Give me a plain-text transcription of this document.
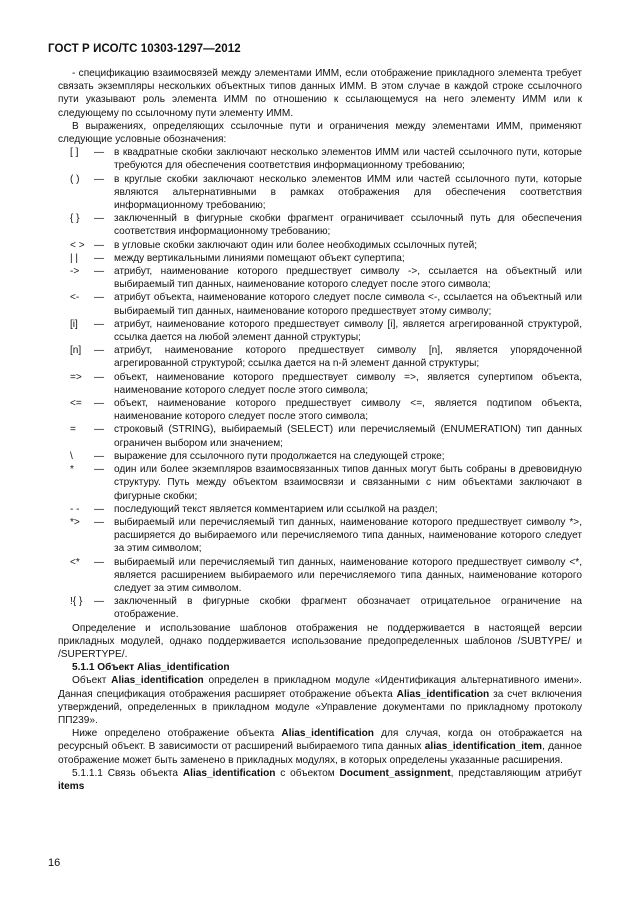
ГОСТ Р ИСО/ТС 10303-1297—2012

- спецификацию взаимосвязей между элементами ИММ, если отображение прикладного элемента требует связать экземпляры нескольких объектных типов данных ИММ. В этом случае в каждой строке ссылочного пути указывают роль элемента ИММ по отношению к ссылающемуся на него элементу ИММ или к следующему по ссылочному пути элементу ИММ.

В выражениях, определяющих ссылочные пути и ограничения между элементами ИММ, применяют следующие условные обозначения:

[ ]	— в квадратные скобки заключают несколько элементов ИММ или частей ссылочного пути, которые требуются для обеспечения соответствия информационному требованию;
( )	— в круглые скобки заключают несколько элементов ИММ или частей ссылочного пути, которые являются альтернативными в рамках отображения для обеспечения соответствия информационному требованию;
{ }	— заключенный в фигурные скобки фрагмент ограничивает ссылочный путь для обеспечения соответствия информационному требованию;
< > — в угловые скобки заключают один или более необходимых ссылочных путей;
| |	— между вертикальными линиями помещают объект супертипа;
->	— атрибут, наименование которого предшествует символу ->, ссылается на объектный или выбираемый тип данных, наименование которого следует после этого символа;
<-	— атрибут объекта, наименование которого следует после символа <-, ссылается на объектный или выбираемый тип данных, наименование которого предшествует этому символу;
[i]	— атрибут, наименование которого предшествует символу [i], является агрегированной структурой, ссылка дается на любой элемент данной структуры;
[n]	— атрибут, наименование которого предшествует символу [n], является упорядоченной агрегированной структурой; ссылка дается на n-й элемент данной структуры;
=>	— объект, наименование которого предшествует символу =>, является супертипом объекта, наименование которого следует после этого символа;
<=	— объект, наименование которого предшествует символу <=, является подтипом объекта, наименование которого следует после этого символа;
=	— строковый (STRING), выбираемый (SELECT) или перечисляемый (ENUMERATION) тип данных ограничен выбором или значением;
\	— выражение для ссылочного пути продолжается на следующей строке;
*	— один или более экземпляров взаимосвязанных типов данных могут быть собраны в древовидную структуру. Путь между объектом взаимосвязи и связанными с ним объектами заключают в фигурные скобки;
- -	— последующий текст является комментарием или ссылкой на раздел;
*>	— выбираемый или перечисляемый тип данных, наименование которого предшествует символу *>, расширяется до выбираемого или перечисляемого типа данных, наименование которого следует за этим символом;
<*	— выбираемый или перечисляемый тип данных, наименование которого предшествует символу <*, является расширением выбираемого или перечисляемого типа данных, наименование которого следует за этим символом.
!{ }	— заключенный в фигурные скобки фрагмент обозначает отрицательное ограничение на отображение.

Определение и использование шаблонов отображения не поддерживается в настоящей версии прикладных модулей, однако поддерживается использование предопределенных шаблонов /SUBTYPE/ и /SUPERTYPE/.

5.1.1 Объект Alias_identification

Объект Alias_identification определен в прикладном модуле «Идентификация альтернативного имени». Данная спецификация отображения расширяет отображение объекта Alias_identification за счет включения утверждений, определенных в прикладном модуле «Управление документами по прикладному протоколу ПП239».

Ниже определено отображение объекта Alias_identification для случая, когда он отображается на ресурсный объект. В зависимости от расширений выбираемого типа данных alias_identification_item, данное отображение может быть заменено в прикладных модулях, в которых определены указанные расширения.

5.1.1.1 Связь объекта Alias_identification с объектом Document_assignment, представляющим атрибут items

16
